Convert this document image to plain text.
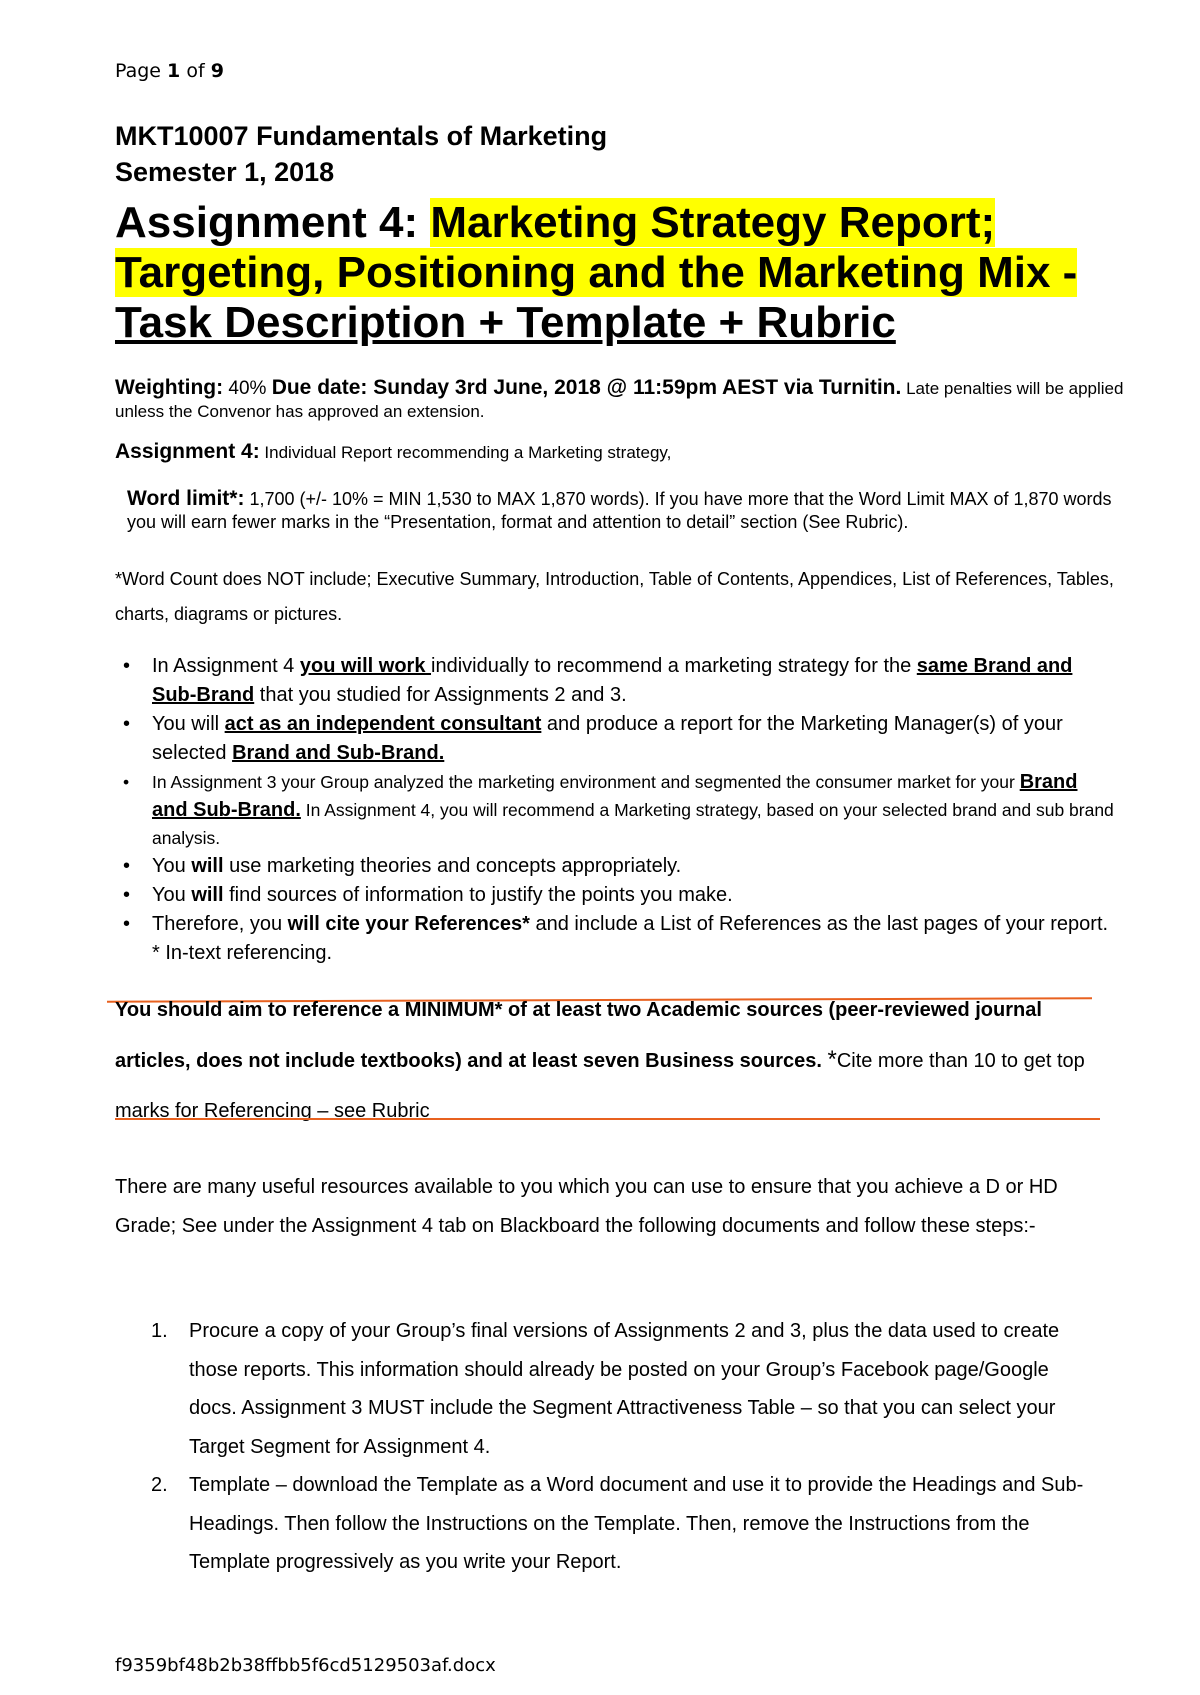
Page 1 of 9
MKT10007 Fundamentals of Marketing
Semester 1, 2018
Assignment 4: Marketing Strategy Report;
Targeting, Positioning and the Marketing Mix -
Task Description + Template + Rubric
Weighting: 40% Due date: Sunday 3rd June, 2018 @ 11:59pm AEST via Turnitin. Late penalties will be applied unless the Convenor has approved an extension.
Assignment 4: Individual Report recommending a Marketing strategy,
Word limit*: 1,700 (+/- 10% = MIN 1,530 to MAX 1,870 words). If you have more that the Word Limit MAX of 1,870 words you will earn fewer marks in the “Presentation, format and attention to detail” section (See Rubric).
*Word Count does NOT include; Executive Summary, Introduction, Table of Contents, Appendices, List of References, Tables, charts, diagrams or pictures.
• In Assignment 4 you will work individually to recommend a marketing strategy for the same Brand and Sub-Brand that you studied for Assignments 2 and 3.
• You will act as an independent consultant and produce a report for the Marketing Manager(s) of your selected Brand and Sub-Brand.
• In Assignment 3 your Group analyzed the marketing environment and segmented the consumer market for your Brand and Sub-Brand. In Assignment 4, you will recommend a Marketing strategy, based on your selected brand and sub brand analysis.
• You will use marketing theories and concepts appropriately.
• You will find sources of information to justify the points you make.
• Therefore, you will cite your References* and include a List of References as the last pages of your report. * In-text referencing.
You should aim to reference a MINIMUM* of at least two Academic sources (peer-reviewed journal articles, does not include textbooks) and at least seven Business sources. *Cite more than 10 to get top marks for Referencing – see Rubric
There are many useful resources available to you which you can use to ensure that you achieve a D or HD Grade; See under the Assignment 4 tab on Blackboard the following documents and follow these steps:-
1. Procure a copy of your Group’s final versions of Assignments 2 and 3, plus the data used to create those reports. This information should already be posted on your Group’s Facebook page/Google docs. Assignment 3 MUST include the Segment Attractiveness Table – so that you can select your Target Segment for Assignment 4.
2. Template – download the Template as a Word document and use it to provide the Headings and Sub-Headings. Then follow the Instructions on the Template. Then, remove the Instructions from the Template progressively as you write your Report.
f9359bf48b2b38ffbb5f6cd5129503af.docx
